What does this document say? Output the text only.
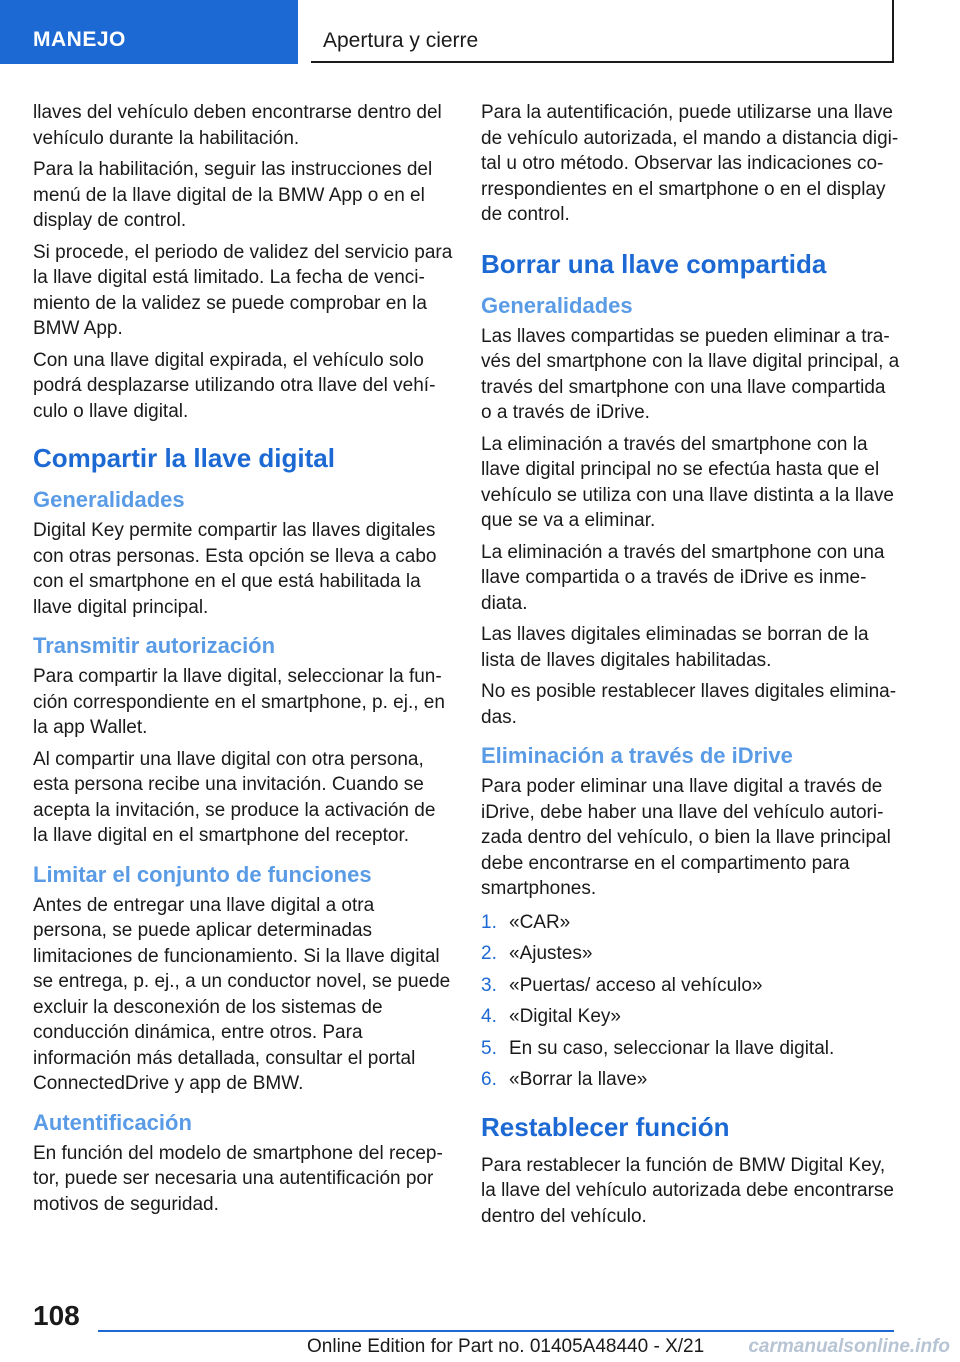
MANEJO	Apertura y cierre

llaves del vehículo deben encontrarse dentro del vehículo durante la habilitación.

Para la habilitación, seguir las instrucciones del menú de la llave digital de la BMW App o en el display de control.

Si procede, el periodo de validez del servicio para la llave digital está limitado. La fecha de vencimiento de la validez se puede comprobar en la BMW App.

Con una llave digital expirada, el vehículo solo podrá desplazarse utilizando otra llave del vehículo o llave digital.

Compartir la llave digital
Generalidades

Digital Key permite compartir las llaves digitales con otras personas. Esta opción se lleva a cabo con el smartphone en el que está habilitada la llave digital principal.

Transmitir autorización

Para compartir la llave digital, seleccionar la función correspondiente en el smartphone, p. ej., en la app Wallet.

Al compartir una llave digital con otra persona, esta persona recibe una invitación. Cuando se acepta la invitación, se produce la activación de la llave digital en el smartphone del receptor.

Limitar el conjunto de funciones

Antes de entregar una llave digital a otra persona, se puede aplicar determinadas limitaciones de funcionamiento. Si la llave digital se entrega, p. ej., a un conductor novel, se puede excluir la desconexión de los sistemas de conducción dinámica, entre otros. Para información más detallada, consultar el portal ConnectedDrive y app de BMW.

Autentificación

En función del modelo de smartphone del receptor, puede ser necesaria una autentificación por motivos de seguridad.

Para la autentificación, puede utilizarse una llave de vehículo autorizada, el mando a distancia digital u otro método. Observar las indicaciones correspondientes en el smartphone o en el display de control.

Borrar una llave compartida
Generalidades

Las llaves compartidas se pueden eliminar a través del smartphone con la llave digital principal, a través del smartphone con una llave compartida o a través de iDrive.

La eliminación a través del smartphone con la llave digital principal no se efectúa hasta que el vehículo se utiliza con una llave distinta a la llave que se va a eliminar.

La eliminación a través del smartphone con una llave compartida o a través de iDrive es inmediata.

Las llaves digitales eliminadas se borran de la lista de llaves digitales habilitadas.

No es posible restablecer llaves digitales eliminadas.

Eliminación a través de iDrive

Para poder eliminar una llave digital a través de iDrive, debe haber una llave del vehículo autorizada dentro del vehículo, o bien la llave principal debe encontrarse en el compartimento para smartphones.

1. «CAR»
2. «Ajustes»
3. «Puertas/ acceso al vehículo»
4. «Digital Key»
5. En su caso, seleccionar la llave digital.
6. «Borrar la llave»
Restablecer función

Para restablecer la función de BMW Digital Key, la llave del vehículo autorizada debe encontrarse dentro del vehículo.

108
Online Edition for Part no. 01405A48440 - X/21 carmanualsonline.info
